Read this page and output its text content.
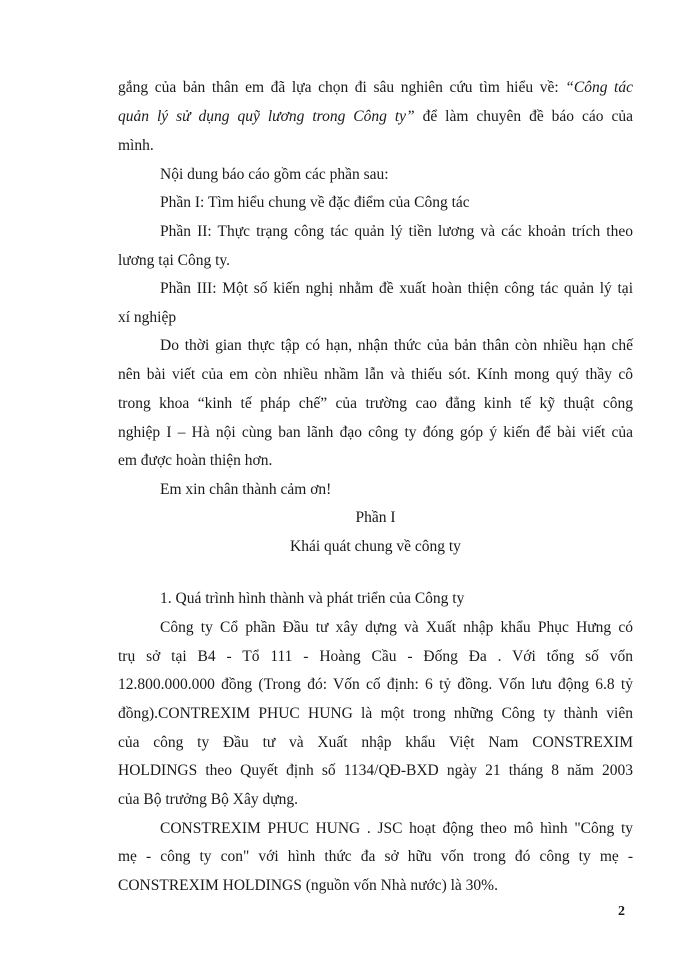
gắng của bản thân em đã lựa chọn đi sâu nghiên cứu tìm hiểu về: “Công tác
quản lý sử dụng quỹ lương trong Công ty” để làm chuyên đề báo cáo của
mình.
Nội dung báo cáo gồm các phần sau:
Phần I: Tìm hiểu chung về đặc điểm của Công tác
Phần II: Thực trạng công tác quản lý tiền lương và các khoản trích theo
lương tại Công ty.
Phần III: Một số kiến nghị nhằm đề xuất hoàn thiện công tác quản lý tại
xí nghiệp
Do thời gian thực tập có hạn, nhận thức của bản thân còn nhiều hạn chế
nên bài viết của em còn nhiều nhầm lẫn và thiếu sót. Kính mong quý thầy cô
trong khoa “kinh tế pháp chế” của trường cao đẳng kinh tế kỹ thuật công
nghiệp I – Hà nội cùng ban lãnh đạo công ty đóng góp ý kiến để bài viết của
em được hoàn thiện hơn.
Em xin chân thành cảm ơn!
Phần I
Khái quát chung về công ty
1. Quá trình hình thành và phát triển của Công ty
Công ty Cổ phần Đầu tư xây dựng và Xuất nhập khẩu Phục Hưng có
trụ sở tại B4 - Tổ 111 - Hoàng Cầu - Đống Đa . Với tổng số vốn
12.800.000.000 đồng (Trong đó: Vốn cố định: 6 tỷ đồng. Vốn lưu động 6.8 tỷ
đồng).CONTREXIM PHUC HUNG là một trong những Công ty thành viên
của công ty Đầu tư và Xuất nhập khẩu Việt Nam CONSTREXIM
HOLDINGS theo Quyết định số 1134/QĐ-BXD ngày 21 tháng 8 năm 2003
của Bộ trưởng Bộ Xây dựng.
CONSTREXIM PHUC HUNG . JSC hoạt động theo mô hình "Công ty
mẹ - công ty con" với hình thức đa sở hữu vốn trong đó công ty mẹ -
CONSTREXIM HOLDINGS (nguồn vốn Nhà nước) là 30%.
2
